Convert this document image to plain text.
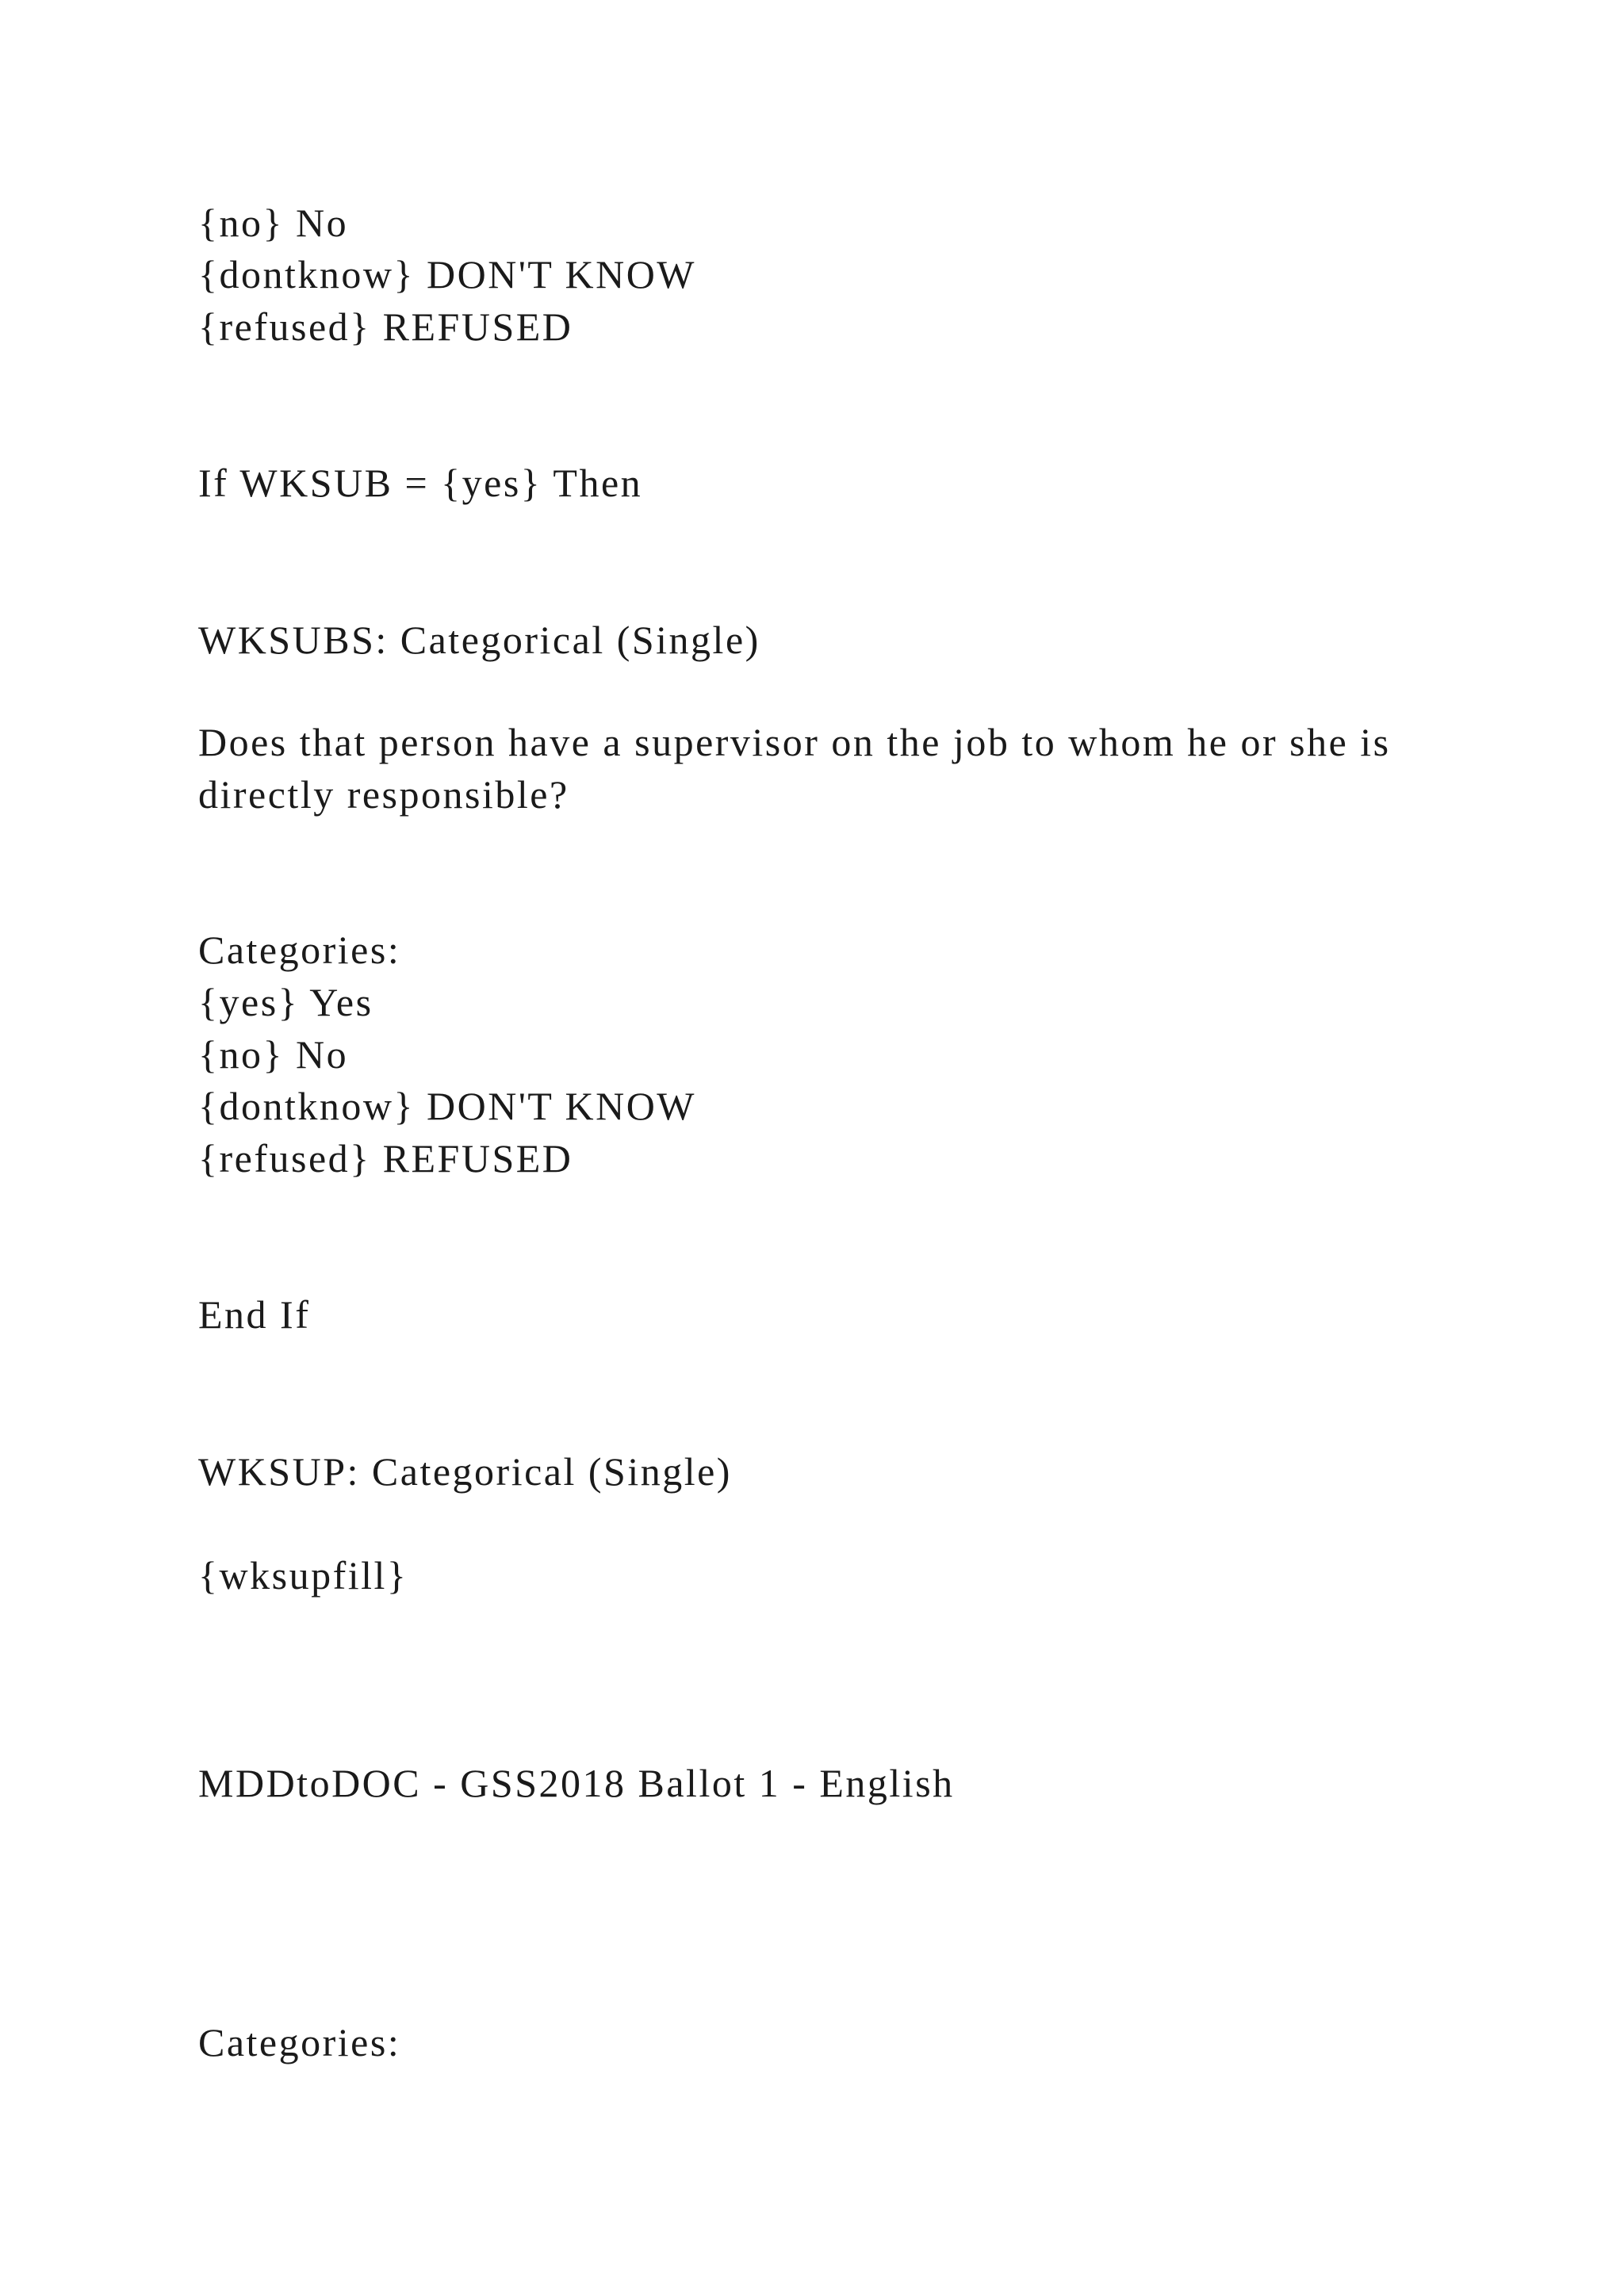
{no} No

{dontknow} DON'T KNOW

{refused} REFUSED

If WKSUB = {yes} Then

WKSUBS: Categorical (Single)

Does that person have a supervisor on the job to whom he or she is directly responsible?

Categories:

{yes} Yes

{no} No

{dontknow} DON'T KNOW

{refused} REFUSED

End If

WKSUP: Categorical (Single)

{wksupfill}

MDDtoDOC - GSS2018 Ballot 1 - English

Categories:
